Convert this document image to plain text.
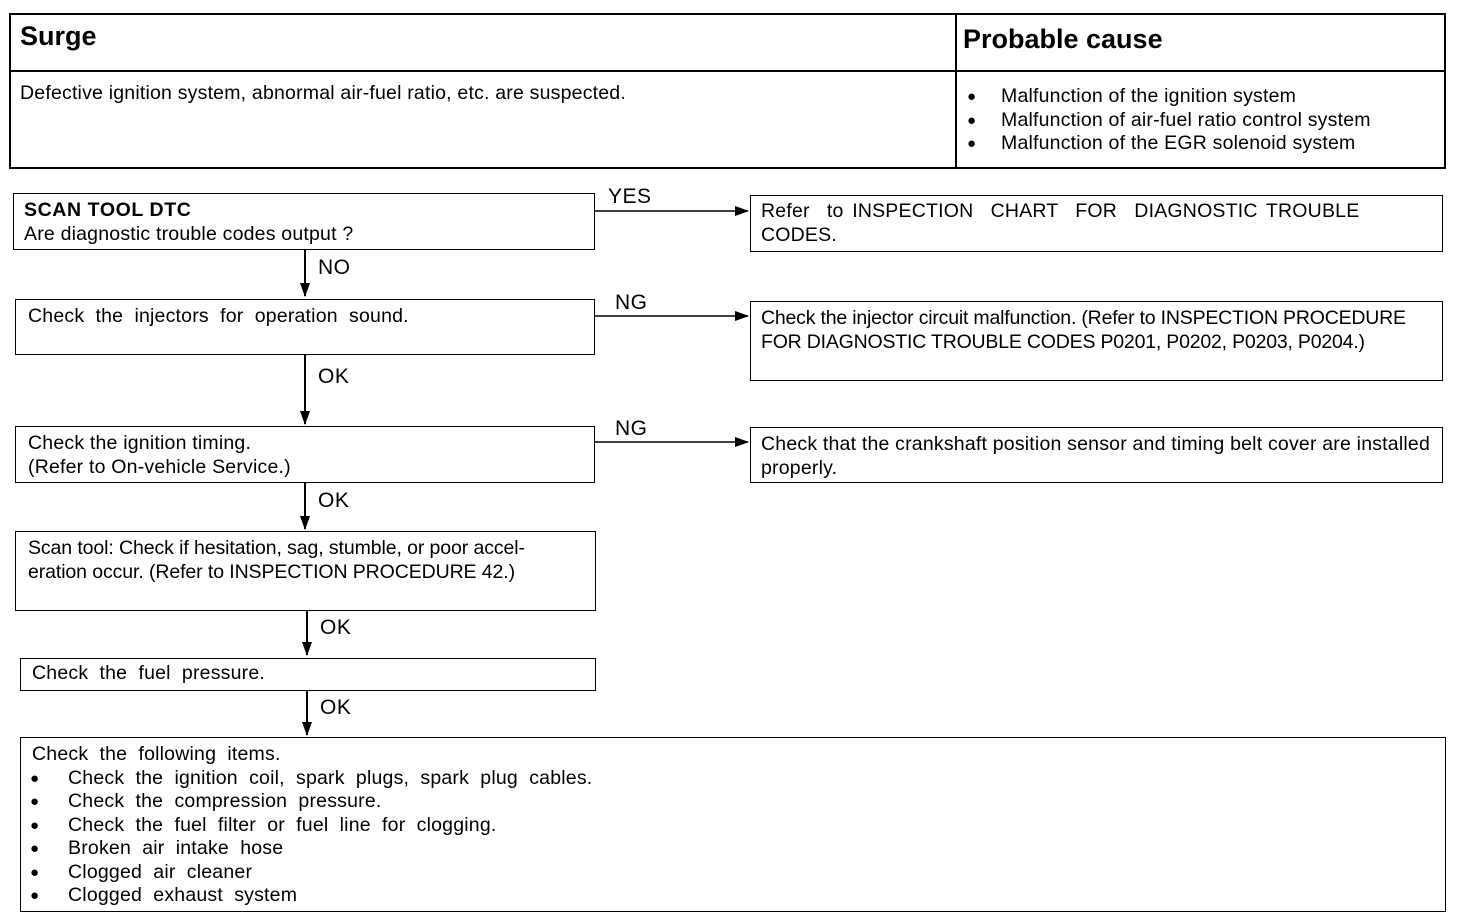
Surge	Probable cause
Defective ignition system, abnormal air-fuel ratio, etc. are suspected.
●	Malfunction of the ignition system
● Malfunction of air-fuel ratio control system
● Malfunction of the EGR solenoid system
SCAN TOOL DTC
Are diagnostic trouble codes output ?
Check  the  injectors  for  operation  sound.
Check the ignition timing.
(Refer to On-vehicle Service.)
Scan tool: Check if hesitation, sag, stumble, or poor accel-eration occur. (Refer to INSPECTION PROCEDURE 42.)
Check  the  fuel  pressure.
Check  the  following  items.
● Check  the  ignition  coil,  spark  plugs,  spark  plug  cables.
● Check  the  compression  pressure.
● Check  the  fuel  filter  or  fuel  line  for  clogging.
● Broken  air  intake  hose
● Clogged  air  cleaner
● Clogged  exhaust  system
Refer  to INSPECTION  CHART  FOR  DIAGNOSTIC TROUBLE CODES.
Check the injector circuit malfunction. (Refer to INSPECTION PROCEDURE FOR DIAGNOSTIC TROUBLE CODES P0201, P0202, P0203, P0204.)
Check that the crankshaft position sensor and timing belt cover are installed properly.
YES
NO
NG
OK
NG
OK
OK
OK
